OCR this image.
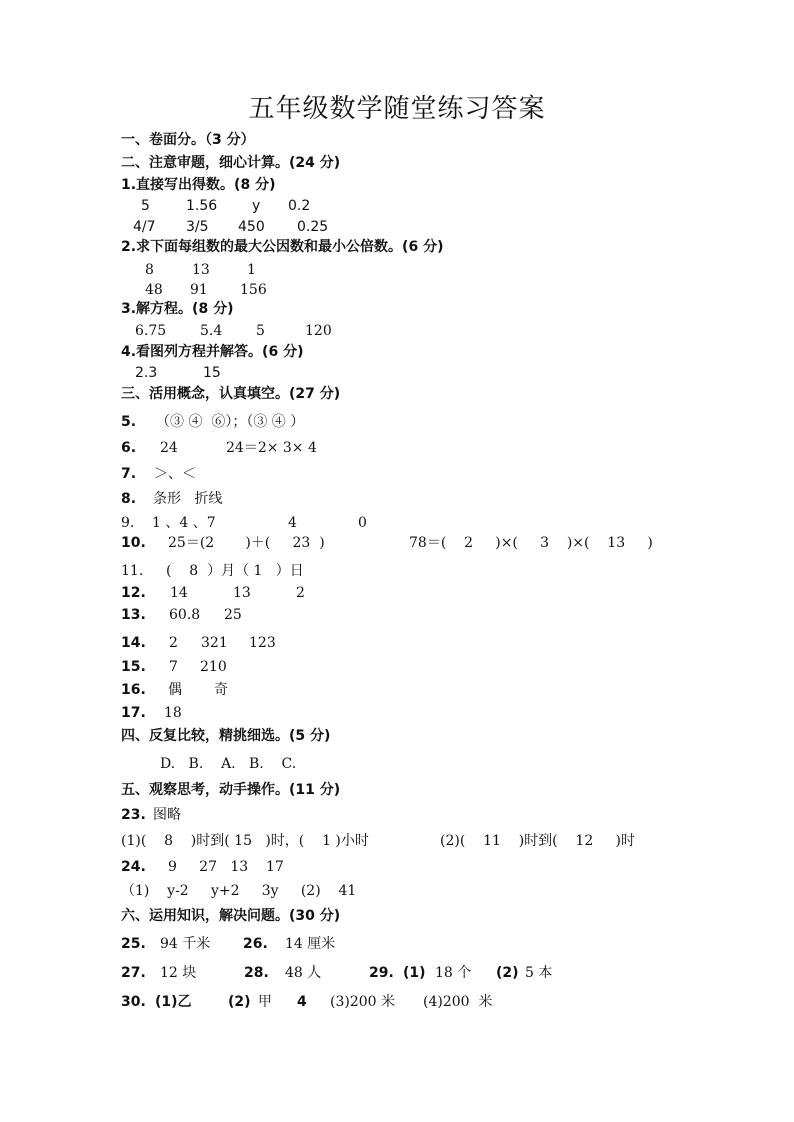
五年级数学随堂练习答案
一、卷面分。（3 分）
二、注意审题，细心计算。(24 分)
1.直接写出得数。(8 分)
5	1.56 y 0.2
4/7 3/5 450 0.25
2.求下面每组数的最大公因数和最小公倍数。(6 分)
8	13	1
48 91 156
3.解方程。(8 分)
6.75 5.4 5	120
4.看图列方程并解答。(6 分)
2.3	15
三、活用概念，认真填空。(27 分)
5. （③ ④  ⑥）；（③ ④ ）
6. 24	24＝2× 3× 4
7. ＞、＜
8. 条形   折线
9. 1 、4 、7	4	0
10. 25＝(2       )＋(     23  )	78＝(    2     )×(     3    )×(    13     )
11. (    8  ）月（ 1   ）日
12. 14	13	2
13. 60.8 25
14. 2 321 123
15. 7 210
16. 偶 奇
17. 18
四、反复比较，精挑细选。(5 分)
D.   B.    A.   B.    C.
五、观察思考，动手操作。(11 分)
23. 图略
(1)(    8    )时到( 15   )时，(    1 )小时	(2)(    11    )时到(    12     )时
24. 9     27   13    17
（1)    y-2     y+2     3y     (2)    41
六、运用知识，解决问题。(30 分)
25. 94 千米 26. 14 厘米
27. 12 块	28. 48 人	29. (1) 18 个 (2) 5 本
30. (1)乙	(2) 甲 4 (3)200 米 (4)200  米
